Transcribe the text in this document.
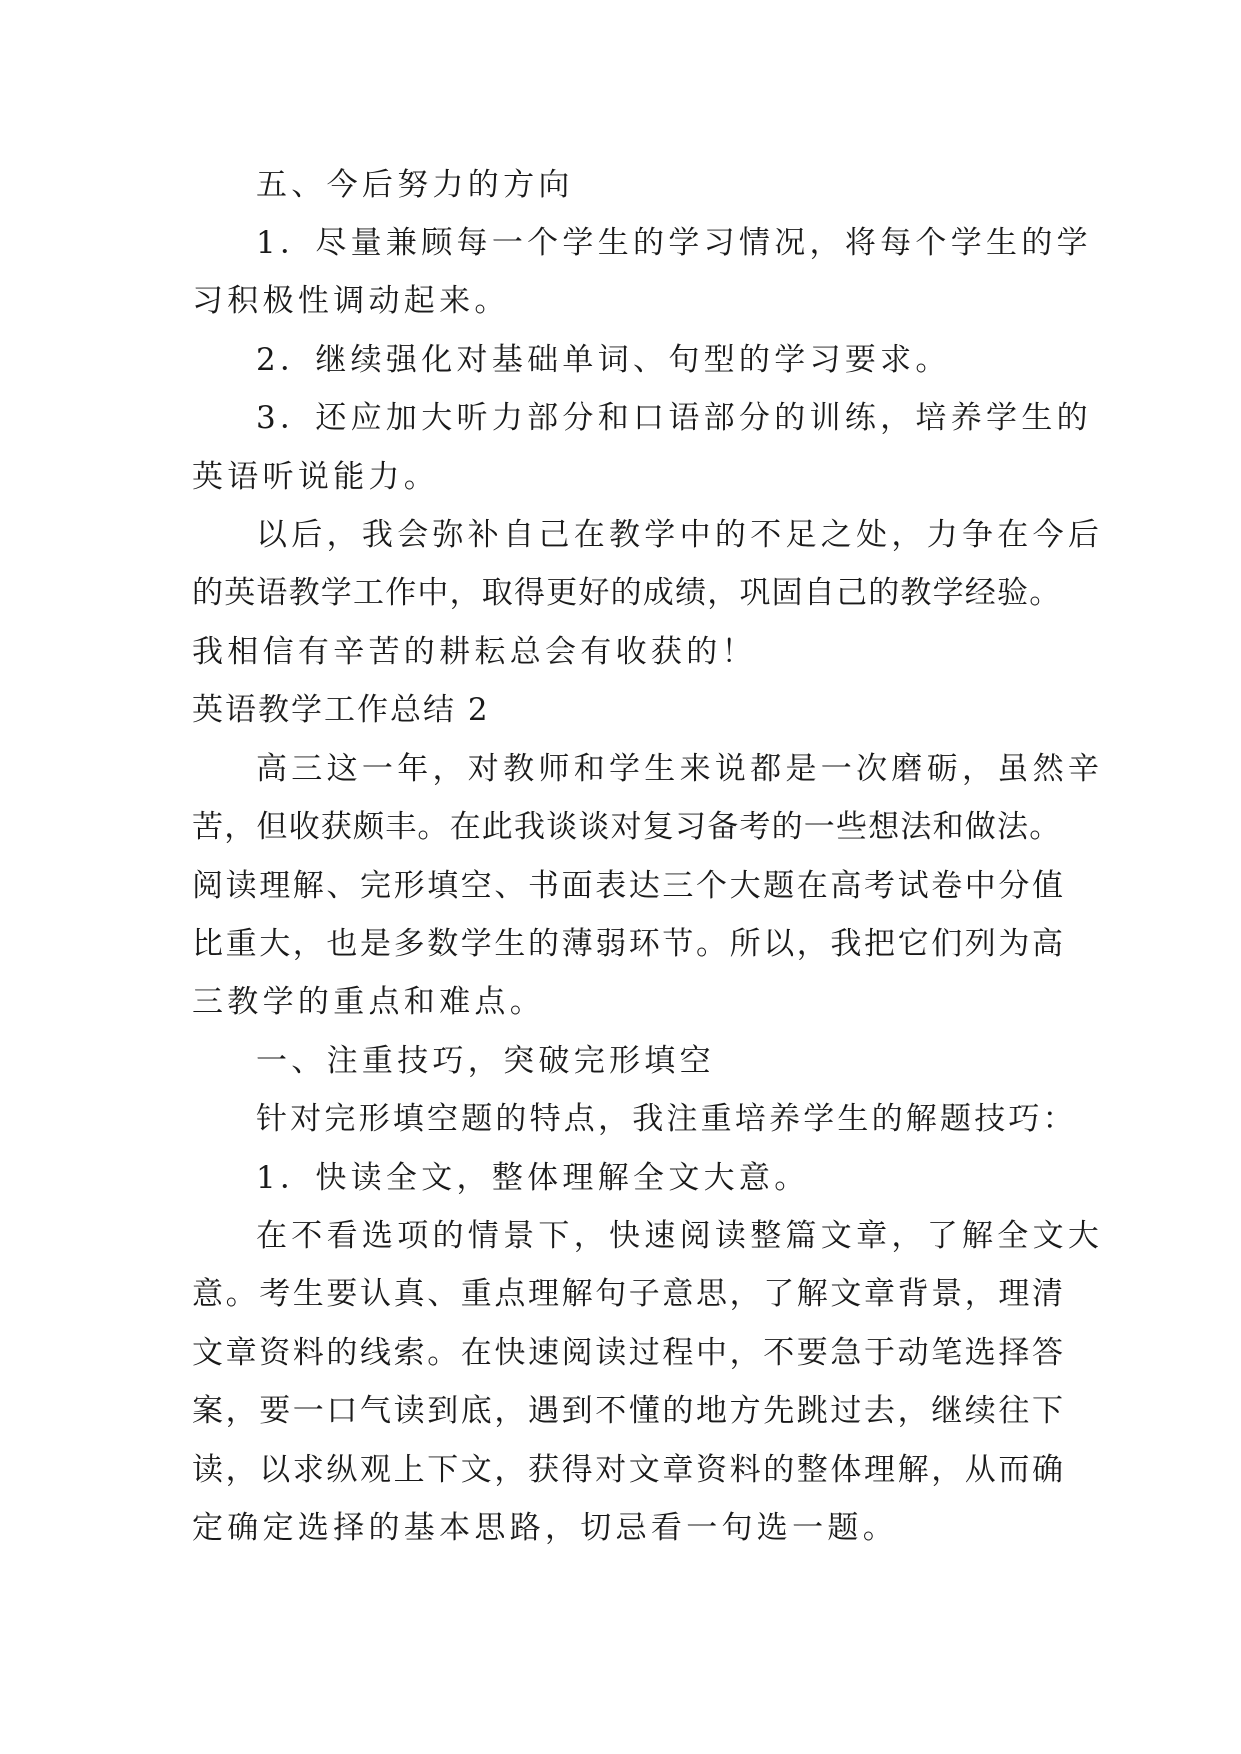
五、今后努力的方向
1．尽量兼顾每一个学生的学习情况，将每个学生的学
习积极性调动起来。
2．继续强化对基础单词、句型的学习要求。
3．还应加大听力部分和口语部分的训练，培养学生的
英语听说能力。
以后，我会弥补自己在教学中的不足之处，力争在今后
的英语教学工作中，取得更好的成绩，巩固自己的教学经验。
我相信有辛苦的耕耘总会有收获的！
英语教学工作总结 2
高三这一年，对教师和学生来说都是一次磨砺，虽然辛
苦，但收获颇丰。在此我谈谈对复习备考的一些想法和做法。
阅读理解、完形填空、书面表达三个大题在高考试卷中分值
比重大，也是多数学生的薄弱环节。所以，我把它们列为高
三教学的重点和难点。
一、注重技巧，突破完形填空
针对完形填空题的特点，我注重培养学生的解题技巧：
1．快读全文，整体理解全文大意。
在不看选项的情景下，快速阅读整篇文章，了解全文大
意。考生要认真、重点理解句子意思，了解文章背景，理清
文章资料的线索。在快速阅读过程中，不要急于动笔选择答
案，要一口气读到底，遇到不懂的地方先跳过去，继续往下
读，以求纵观上下文，获得对文章资料的整体理解，从而确
定确定选择的基本思路，切忌看一句选一题。
